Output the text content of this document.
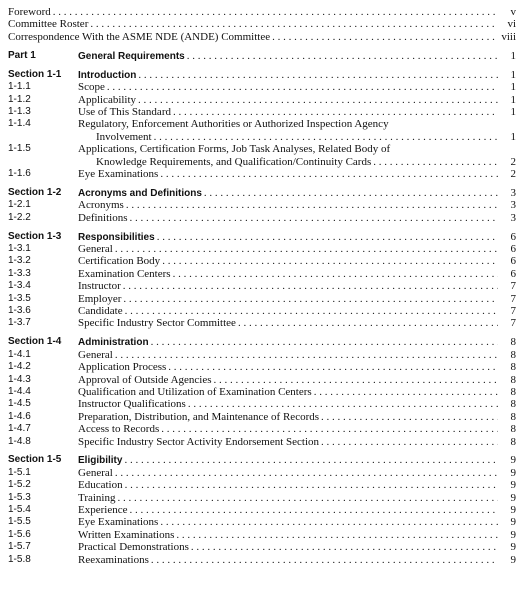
Foreword . . .	v
Committee Roster . . .	vi
Correspondence With the ASME NDE (ANDE) Committee . . .	viii
Part 1	General Requirements . . .	1
Section 1-1	Introduction . . .	1
1-1.1	Scope . . .	1
1-1.2	Applicability . . .	1
1-1.3	Use of This Standard . . .	1
1-1.4	Regulatory, Enforcement Authorities or Authorized Inspection Agency
Involvement . . .	1
1-1.5	Applications, Certification Forms, Job Task Analyses, Related Body of
Knowledge Requirements, and Qualification/Continuity Cards . . .	2
1-1.6	Eye Examinations . . .	2
Section 1-2	Acronyms and Definitions . . .	3
1-2.1	Acronyms . . .	3
1-2.2	Definitions . . .	3
Section 1-3	Responsibilities . . .	6
1-3.1	General . . .	6
1-3.2	Certification Body . . .	6
1-3.3	Examination Centers . . .	6
1-3.4	Instructor . . .	7
1-3.5	Employer . . .	7
1-3.6	Candidate . . .	7
1-3.7	Specific Industry Sector Committee . . .	7
Section 1-4	Administration . . .	8
1-4.1	General . . .	8
1-4.2	Application Process . . .	8
1-4.3	Approval of Outside Agencies . . .	8
1-4.4	Qualification and Utilization of Examination Centers . . .	8
1-4.5	Instructor Qualifications . . .	8
1-4.6	Preparation, Distribution, and Maintenance of Records . . .	8
1-4.7	Access to Records . . .	8
1-4.8	Specific Industry Sector Activity Endorsement Section . . .	8
Section 1-5	Eligibility . . .	9
1-5.1	General . . .	9
1-5.2	Education . . .	9
1-5.3	Training . . .	9
1-5.4	Experience . . .	9
1-5.5	Eye Examinations . . .	9
1-5.6	Written Examinations . . .	9
1-5.7	Practical Demonstrations . . .	9
1-5.8	Reexaminations . . .	9
